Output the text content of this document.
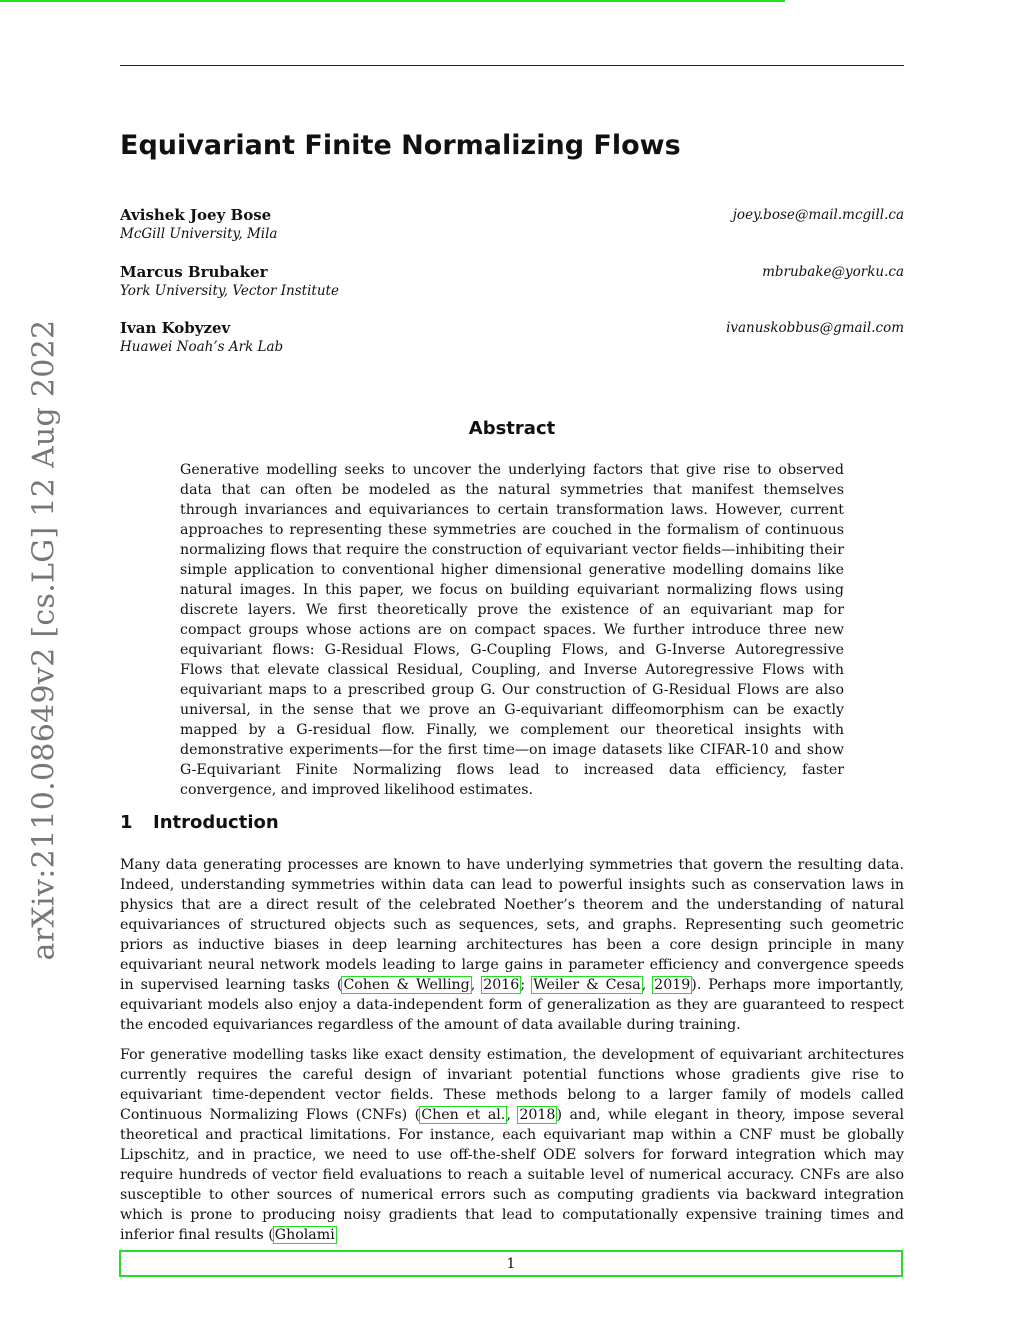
Equivariant Finite Normalizing Flows
Avishek Joey Bose
McGill University, Mila
joey.bose@mail.mcgill.ca
Marcus Brubaker
York University, Vector Institute
mbrubake@yorku.ca
Ivan Kobyzev
Huawei Noah’s Ark Lab
ivanuskobbus@gmail.com
arXiv:2110.08649v2 [cs.LG] 12 Aug 2022	Abstract

Generative modelling seeks to uncover the underlying factors that give rise to observed data that can often be modeled as the natural symmetries that manifest themselves through invariances and equivariances to certain transformation laws. However, current approaches to representing these symmetries are couched in the formalism of continuous normalizing flows that require the construction of equivariant vector fields—inhibiting their simple application to conventional higher dimensional generative modelling domains like natural images. In this paper, we focus on building equivariant normalizing flows using discrete layers. We first theoretically prove the existence of an equivariant map for compact groups whose actions are on compact spaces. We further introduce three new equivariant flows: G-Residual Flows, G-Coupling Flows, and G-Inverse Autoregressive Flows that elevate classical Residual, Coupling, and Inverse Autoregressive Flows with equivariant maps to a prescribed group G. Our construction of G-Residual Flows are also universal, in the sense that we prove an G-equivariant diffeomorphism can be exactly mapped by a G-residual flow. Finally, we complement our theoretical insights with demonstrative experiments—for the first time—on image datasets like CIFAR-10 and show G-Equivariant Finite Normalizing flows lead to increased data efficiency, faster convergence, and improved likelihood estimates.

1 Introduction

Many data generating processes are known to have underlying symmetries that govern the resulting data. Indeed, understanding symmetries within data can lead to powerful insights such as conservation laws in physics that are a direct result of the celebrated Noether’s theorem and the understanding of natural equivariances of structured objects such as sequences, sets, and graphs. Representing such geometric priors as inductive biases in deep learning architectures has been a core design principle in many equivariant neural network models leading to large gains in parameter efficiency and convergence speeds in supervised learning tasks (Cohen & Welling, 2016; Weiler & Cesa, 2019). Perhaps more importantly, equivariant models also enjoy a data-independent form of generalization as they are guaranteed to respect the encoded equivariances regardless of the amount of data available during training.

For generative modelling tasks like exact density estimation, the development of equivariant architectures currently requires the careful design of invariant potential functions whose gradients give rise to equivariant time-dependent vector fields. These methods belong to a larger family of models called Continuous Normalizing Flows (CNFs) (Chen et al., 2018) and, while elegant in theory, impose several theoretical and practical limitations. For instance, each equivariant map within a CNF must be globally Lipschitz, and in practice, we need to use off-the-shelf ODE solvers for forward integration which may require hundreds of vector field evaluations to reach a suitable level of numerical accuracy. CNFs are also susceptible to other sources of numerical errors such as computing gradients via backward integration which is prone to producing noisy gradients that lead to computationally expensive training times and inferior final results (Gholami

1
